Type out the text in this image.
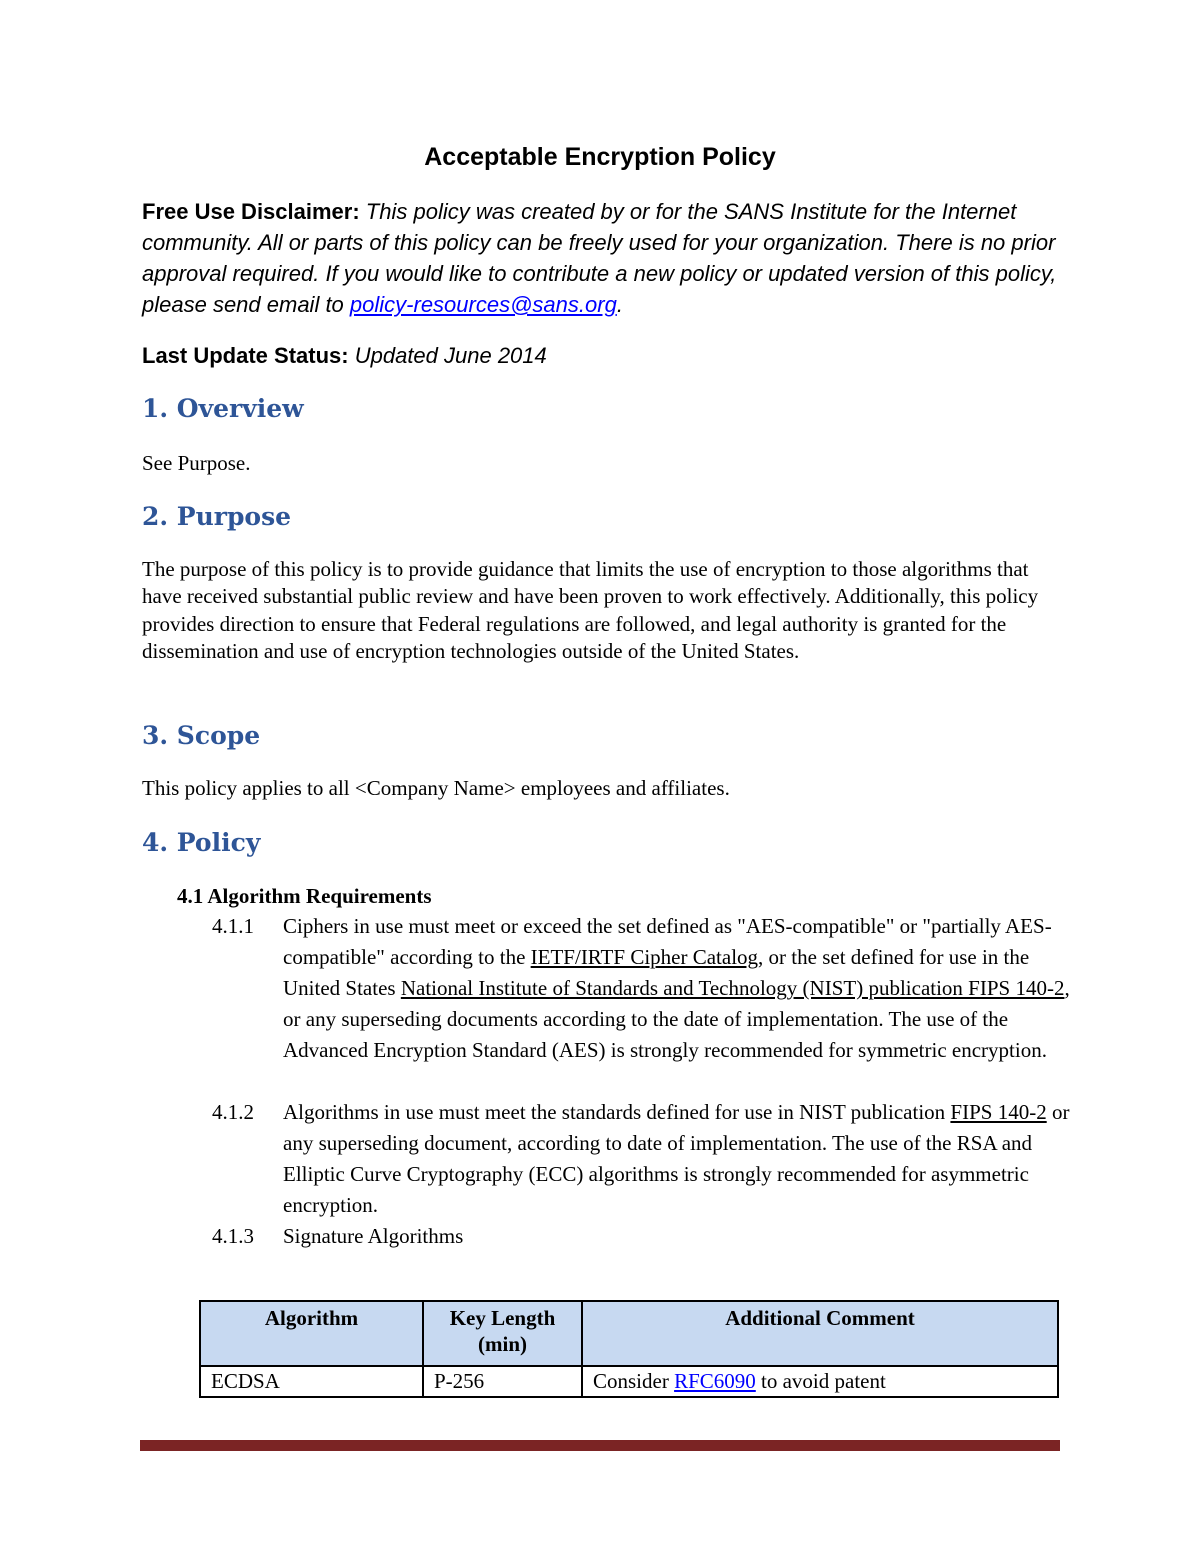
Acceptable Encryption Policy
Free Use Disclaimer: This policy was created by or for the SANS Institute for the Internet community. All or parts of this policy can be freely used for your organization. There is no prior approval required. If you would like to contribute a new policy or updated version of this policy, please send email to policy-resources@sans.org.
Last Update Status: Updated June 2014
1. Overview
See Purpose.
2. Purpose
The purpose of this policy is to provide guidance that limits the use of encryption to those algorithms that have received substantial public review and have been proven to work effectively. Additionally, this policy provides direction to ensure that Federal regulations are followed, and legal authority is granted for the dissemination and use of encryption technologies outside of the United States.
3. Scope
This policy applies to all <Company Name> employees and affiliates.
4. Policy
4.1 Algorithm Requirements
4.1.1 Ciphers in use must meet or exceed the set defined as "AES-compatible" or "partially AES-compatible" according to the IETF/IRTF Cipher Catalog, or the set defined for use in the United States National Institute of Standards and Technology (NIST) publication FIPS 140-2, or any superseding documents according to the date of implementation. The use of the Advanced Encryption Standard (AES) is strongly recommended for symmetric encryption.
4.1.2 Algorithms in use must meet the standards defined for use in NIST publication FIPS 140-2 or any superseding document, according to date of implementation. The use of the RSA and Elliptic Curve Cryptography (ECC) algorithms is strongly recommended for asymmetric encryption.
4.1.3 Signature Algorithms
Algorithm	Key Length (min)	Additional Comment
ECDSA	P-256	Consider RFC6090 to avoid patent
